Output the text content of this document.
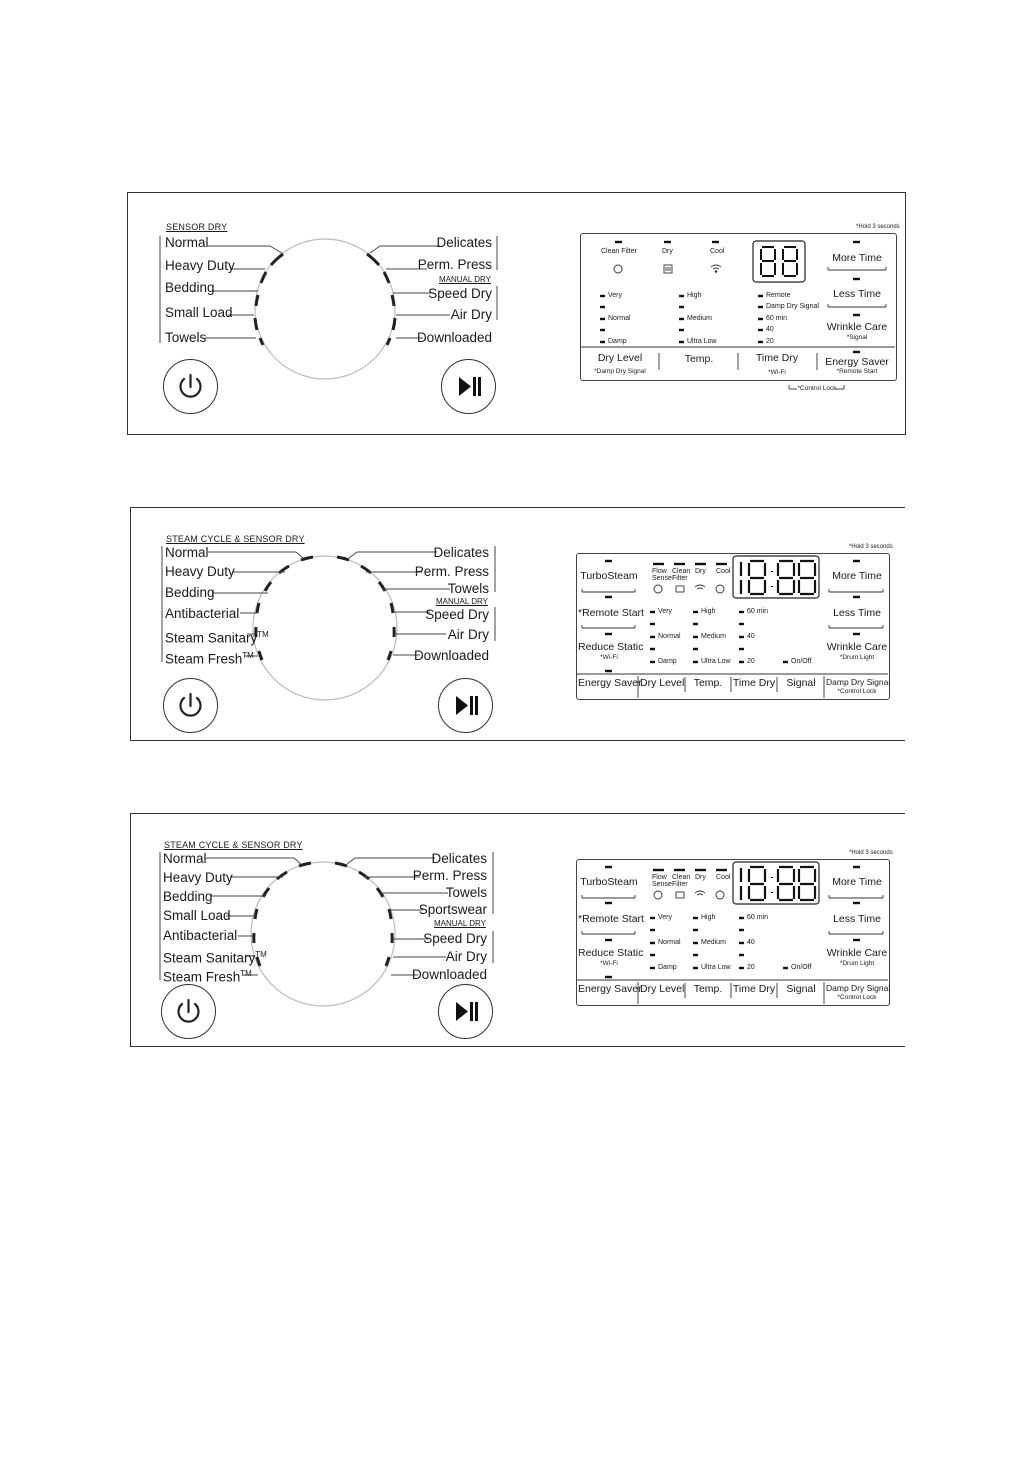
SENSOR DRY
Normal
Heavy Duty
Bedding
Small Load
Towels
Delicates
Perm. Press
MANUAL DRY
Speed Dry
Air Dry
Downloaded
*Hold 3 seconds
Clean Filter	Dry	Cool
Very
Normal
Damp
High
Medium
Ultra Low
Remote
Damp Dry Signal
60 min
40
20
More Time
Less Time
Wrinkle Care
*Signal
Dry Level	Temp.	Time Dry	Energy Saver
*Damp Dry Signal	*Wi-Fi	*Remote Start
*Control Lock
STEAM CYCLE & SENSOR DRY
Normal
Heavy Duty
Bedding
Antibacterial
Steam Sanitary™
Steam Fresh™
Delicates
Perm. Press
Towels
MANUAL DRY
Speed Dry
Air Dry
Downloaded
*Hold 3 seconds
TurboSteam
*Remote Start
Reduce Static
*Wi-Fi
Flow Sense
Clean Filter
Dry Cool
Very
Normal
Damp
High
Medium
Ultra Low
60 min
40
20	On/Off
More Time
Less Time
Wrinkle Care
*Drum Light
Energy Saver
Dry Level Temp.	Time Dry	Signal	Damp Dry Signal
*Control Lock
STEAM CYCLE & SENSOR DRY
Normal
Heavy Duty
Bedding
Small Load
Antibacterial
Steam Sanitary™
Steam Fresh™
Delicates
Perm. Press
Towels
Sportswear
MANUAL DRY
Speed Dry
Air Dry
Downloaded
*Hold 3 seconds
TurboSteam
*Remote Start
Reduce Static
*Wi-Fi
Flow Sense
Clean Filter
Dry Cool
Very
Normal
Damp
High
Medium
Ultra Low
60 min
40
20	On/Off
More Time
Less Time
Wrinkle Care
*Drum Light
Energy Saver
Dry Level Temp.	Time Dry	Signal	Damp Dry Signal
*Control Lock
